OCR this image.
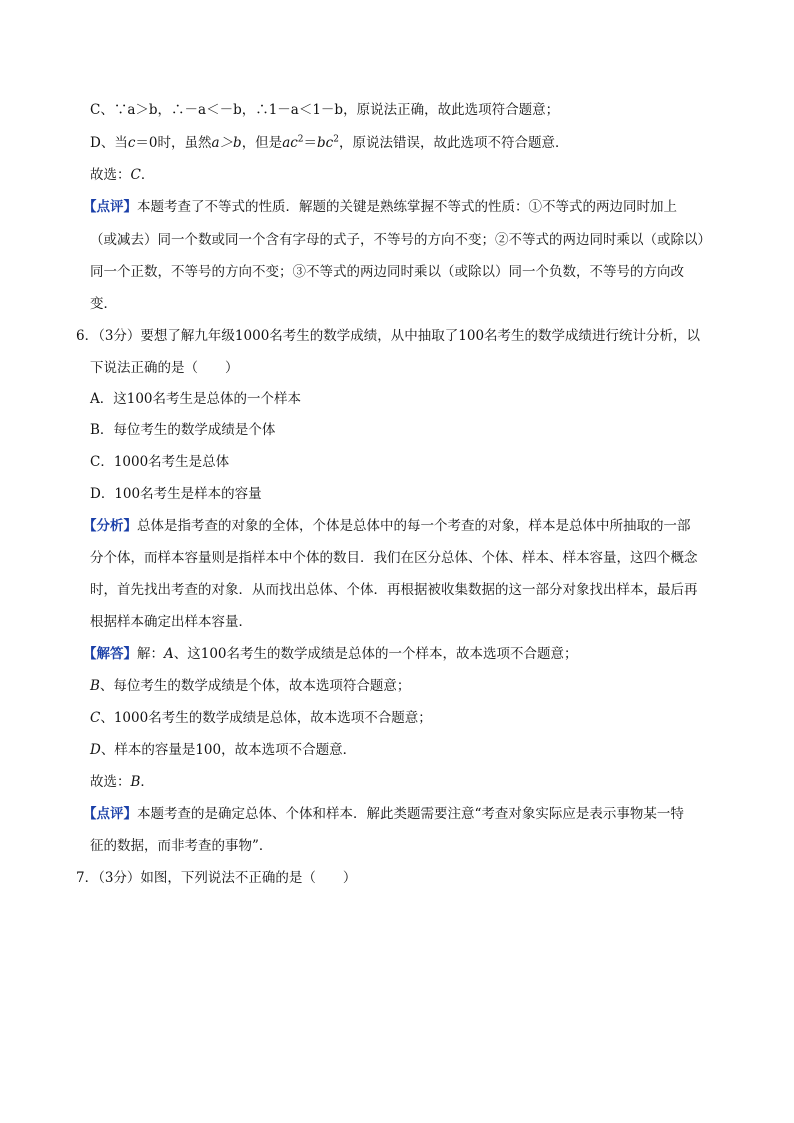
C、∵a＞b，∴－a＜－b，∴1－a＜1－b，原说法正确，故此选项符合题意；
D、当c＝0时，虽然a＞b，但是$ac^2=bc^2$，原说法错误，故此选项不符合题意．
故选：C．
【点评】本题考查了不等式的性质．解题的关键是熟练掌握不等式的性质：①不等式的两边同时加上
（或减去）同一个数或同一个含有字母的式子，不等号的方向不变；②不等式的两边同时乘以（或除以）
同一个正数，不等号的方向不变；③不等式的两边同时乘以（或除以）同一个负数，不等号的方向改
变．
6．（3分）要想了解九年级1000名考生的数学成绩，从中抽取了100名考生的数学成绩进行统计分析，以
下说法正确的是（　　）
A．这100名考生是总体的一个样本
B．每位考生的数学成绩是个体
C．1000名考生是总体
D．100名考生是样本的容量
【分析】总体是指考查的对象的全体，个体是总体中的每一个考查的对象，样本是总体中所抽取的一部
分个体，而样本容量则是指样本中个体的数目．我们在区分总体、个体、样本、样本容量，这四个概念
时，首先找出考查的对象．从而找出总体、个体．再根据被收集数据的这一部分对象找出样本，最后再
根据样本确定出样本容量．
【解答】解：A、这100名考生的数学成绩是总体的一个样本，故本选项不合题意；
B、每位考生的数学成绩是个体，故本选项符合题意；
C、1000名考生的数学成绩是总体，故本选项不合题意；
D、样本的容量是100，故本选项不合题意．
故选：B．
【点评】本题考查的是确定总体、个体和样本．解此类题需要注意“考查对象实际应是表示事物某一特
征的数据，而非考查的事物”．
7．（3分）如图，下列说法不正确的是（　　）
